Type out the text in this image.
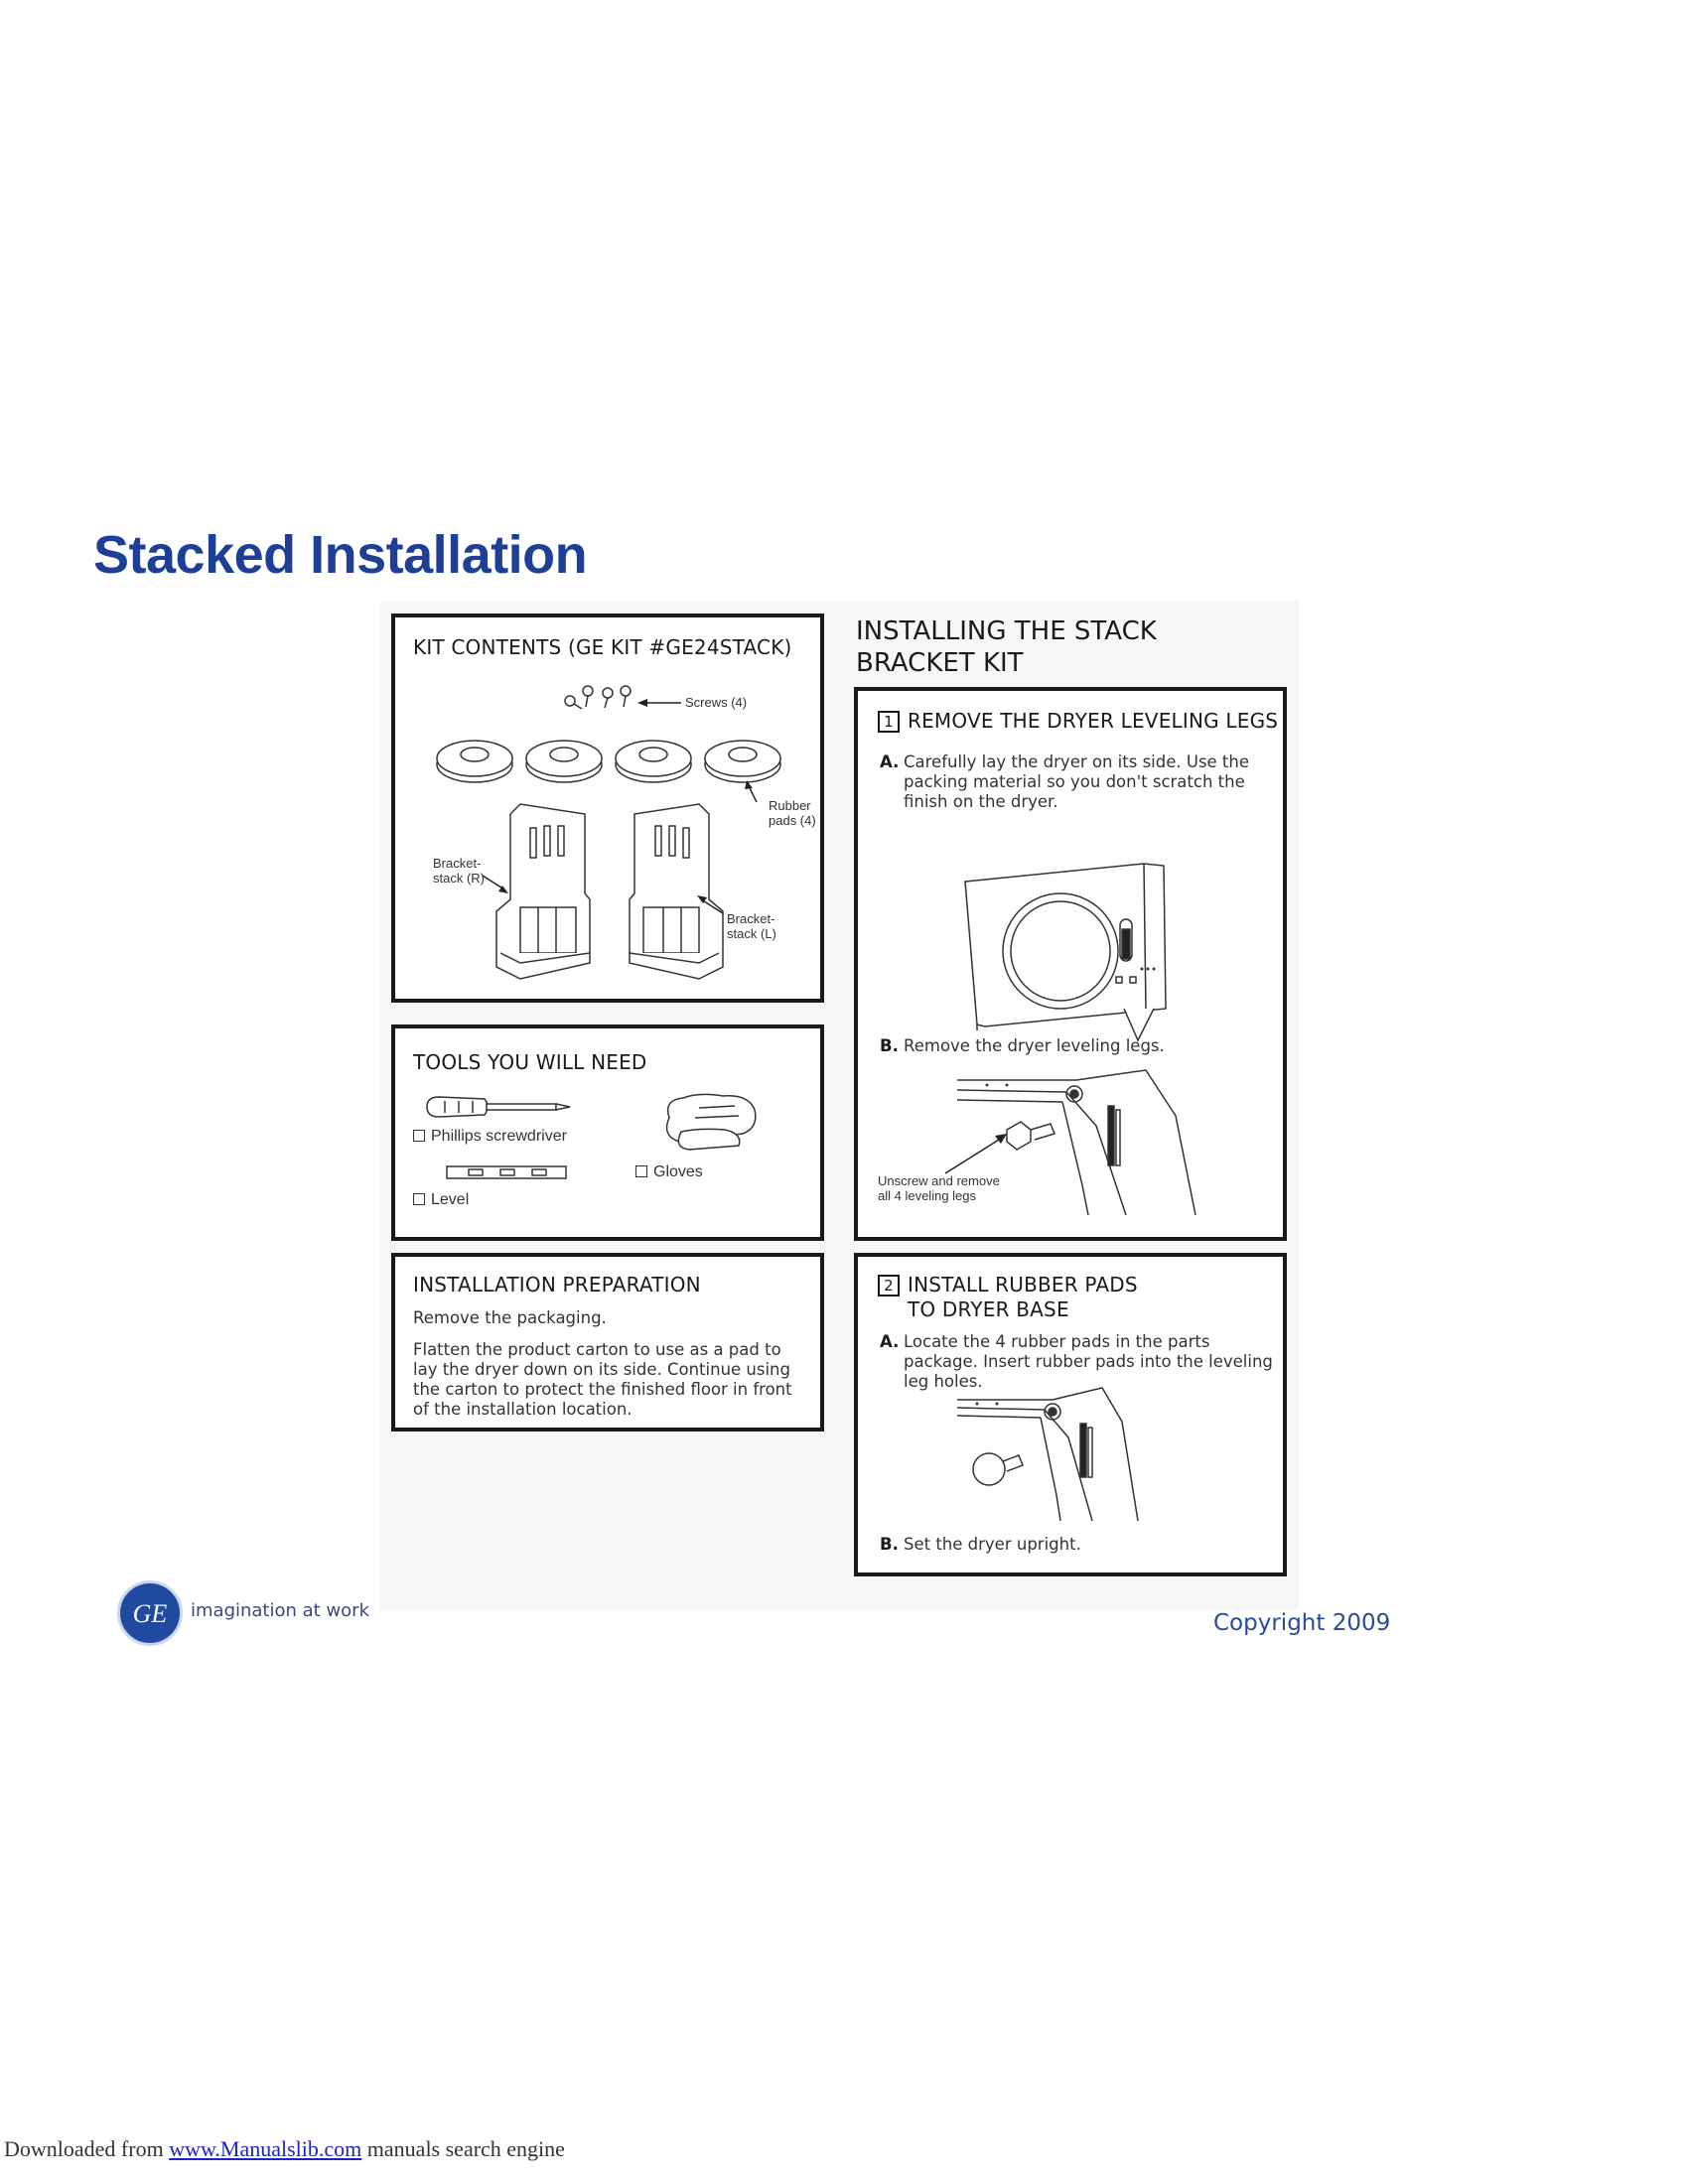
Stacked Installation
KIT CONTENTS (GE KIT #GE24STACK)
Screws (4)
Rubber
pads (4)
Bracket-
stack (R)
Bracket-
stack (L)
TOOLS YOU WILL NEED
Phillips screwdriver
Level
Gloves
INSTALLATION PREPARATION
Remove the packaging.
Flatten the product carton to use as a pad to lay the dryer down on its side. Continue using the carton to protect the finished floor in front of the installation location.
INSTALLING THE STACK
BRACKET KIT
1 REMOVE THE DRYER LEVELING LEGS
A. Carefully lay the dryer on its side. Use the packing material so you don't scratch the finish on the dryer.
B. Remove the dryer leveling legs.
Unscrew and remove
all 4 leveling legs
2 INSTALL RUBBER PADS
TO DRYER BASE
A. Locate the 4 rubber pads in the parts package. Insert rubber pads into the leveling leg holes.
B. Set the dryer upright.
GE imagination at work	Copyright 2009
Downloaded from www.Manualslib.com manuals search engine
